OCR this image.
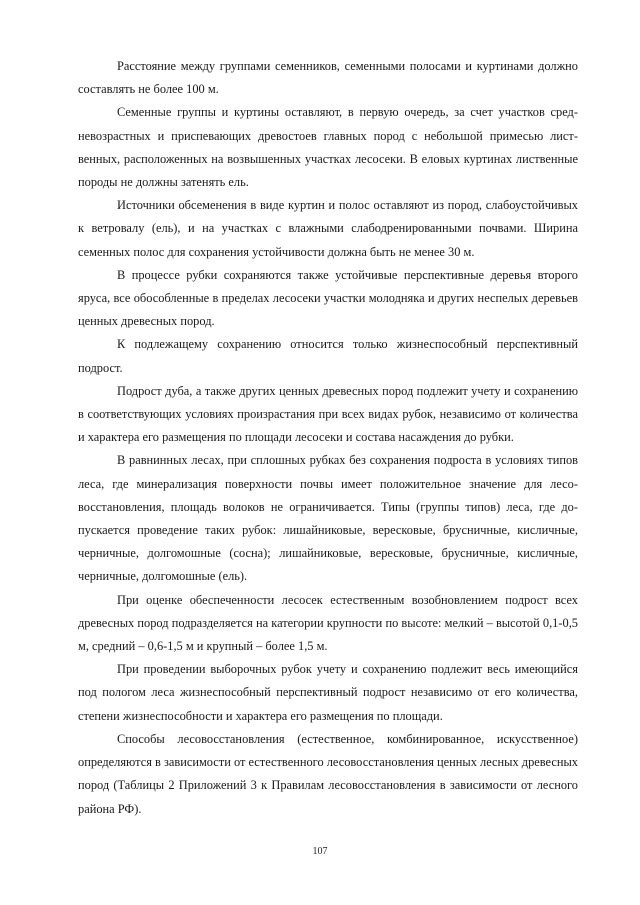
Расстояние между группами семенников, семенными полосами и куртинами должно составлять не более 100 м.

Семенные группы и куртины оставляют, в первую очередь, за счет участков средневозрастных и приспевающих древостоев главных пород с небольшой примесью лиственных, расположенных на возвышенных участках лесосеки. В еловых куртинах лиственные породы не должны затенять ель.

Источники обсеменения в виде куртин и полос оставляют из пород, слабоустойчивых к ветровалу (ель), и на участках с влажными слабодренированными почвами. Ширина семенных полос для сохранения устойчивости должна быть не менее 30 м.

В процессе рубки сохраняются также устойчивые перспективные деревья второго яруса, все обособленные в пределах лесосеки участки молодняка и других неспелых деревьев ценных древесных пород.

К подлежащему сохранению относится только жизнеспособный перспективный подрост.

Подрост дуба, а также других ценных древесных пород подлежит учету и сохранению в соответствующих условиях произрастания при всех видах рубок, независимо от количества и характера его размещения по площади лесосеки и состава насаждения до рубки.

В равнинных лесах, при сплошных рубках без сохранения подроста в условиях типов леса, где минерализация поверхности почвы имеет положительное значение для лесовосстановления, площадь волоков не ограничивается. Типы (группы типов) леса, где допускается проведение таких рубок: лишайниковые, вересковые, брусничные, кисличные, черничные, долгомошные (сосна); лишайниковые, вересковые, брусничные, кисличные, черничные, долгомошные (ель).

При оценке обеспеченности лесосек естественным возобновлением подрост всех древесных пород подразделяется на категории крупности по высоте: мелкий – высотой 0,1-0,5 м, средний – 0,6-1,5 м и крупный – более 1,5 м.

При проведении выборочных рубок учету и сохранению подлежит весь имеющийся под пологом леса жизнеспособный перспективный подрост независимо от его количества, степени жизнеспособности и характера его размещения по площади.

Способы лесовосстановления (естественное, комбинированное, искусственное) определяются в зависимости от естественного лесовосстановления ценных лесных древесных пород (Таблицы 2 Приложений 3 к Правилам лесовосстановления в зависимости от лесного района РФ).

107
